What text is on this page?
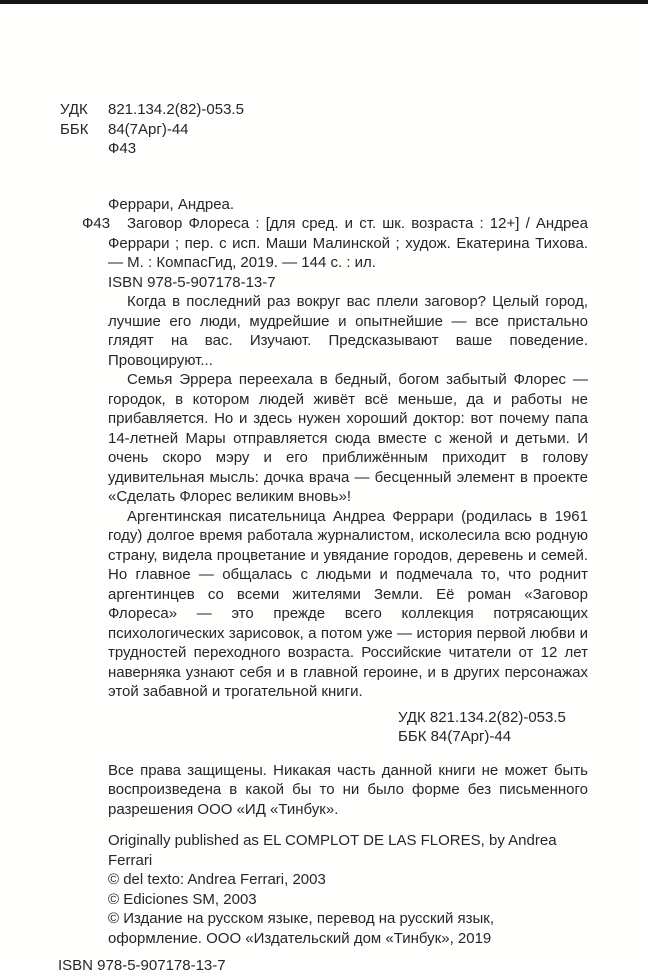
УДК	821.134.2(82)-053.5
ББК	84(7Арг)-44
Ф43

Феррари, Андреа.

Ф43 Заговор Флореса : [для сред. и ст. шк. возраста : 12+] / Андреа Феррари ; пер. с исп. Маши Малинской ; худож. Екатерина Тихова. — М. : КомпасГид, 2019. — 144 с. : ил.

ISBN 978-5-907178-13-7

Когда в последний раз вокруг вас плели заговор? Целый город, лучшие его люди, мудрейшие и опытнейшие — все пристально глядят на вас. Изучают. Предсказывают ваше поведение. Провоцируют...

Семья Эррера переехала в бедный, богом забытый Флорес — городок, в котором людей живёт всё меньше, да и работы не прибавляется. Но и здесь нужен хороший доктор: вот почему папа 14-летней Мары отправляется сюда вместе с женой и детьми. И очень скоро мэру и его приближённым приходит в голову удивительная мысль: дочка врача — бесценный элемент в проекте «Сделать Флорес великим вновь»!

Аргентинская писательница Андреа Феррари (родилась в 1961 году) долгое время работала журналистом, исколесила всю родную страну, видела процветание и увядание городов, деревень и семей. Но главное — общалась с людьми и подмечала то, что роднит аргентинцев со всеми жителями Земли. Её роман «Заговор Флореса» — это прежде всего коллекция потрясающих психологических зарисовок, а потом уже — история первой любви и трудностей переходного возраста. Российские читатели от 12 лет наверняка узнают себя и в главной героине, и в других персонажах этой забавной и трогательной книги.

УДК 821.134.2(82)-053.5
ББК 84(7Арг)-44

Все права защищены. Никакая часть данной книги не может быть воспроизведена в какой бы то ни было форме без письменного разрешения ООО «ИД «Тинбук».

Originally published as EL COMPLOT DE LAS FLORES, by Andrea Ferrari
© del texto: Andrea Ferrari, 2003
© Ediciones SM, 2003
© Издание на русском языке, перевод на русский язык, оформление. ООО «Издательский дом «Тинбук», 2019

ISBN 978-5-907178-13-7
